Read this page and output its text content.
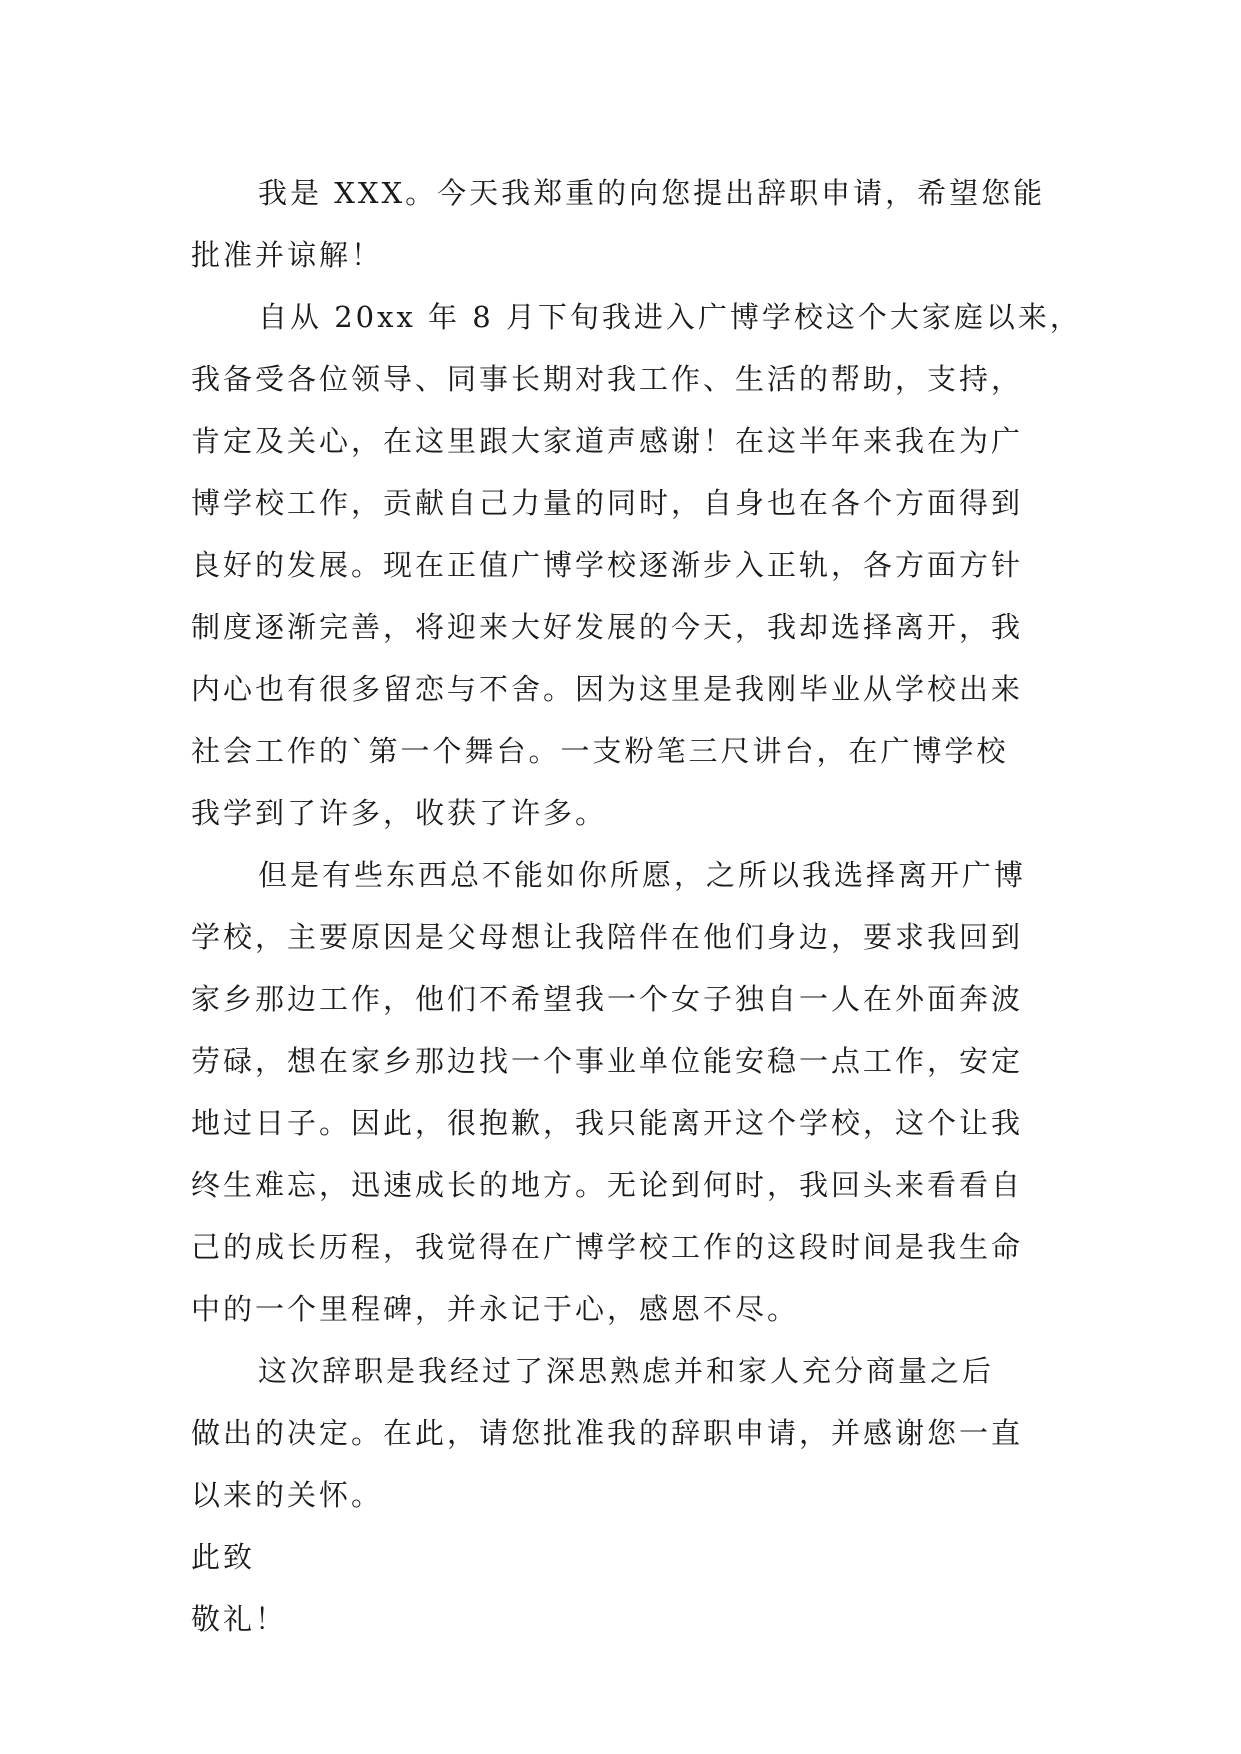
我是 XXX。今天我郑重的向您提出辞职申请，希望您能
批准并谅解！
自从 20xx 年 8 月下旬我进入广博学校这个大家庭以来，
我备受各位领导、同事长期对我工作、生活的帮助，支持，
肯定及关心，在这里跟大家道声感谢！在这半年来我在为广
博学校工作，贡献自己力量的同时，自身也在各个方面得到
良好的发展。现在正值广博学校逐渐步入正轨，各方面方针
制度逐渐完善，将迎来大好发展的今天，我却选择离开，我
内心也有很多留恋与不舍。因为这里是我刚毕业从学校出来
社会工作的`第一个舞台。一支粉笔三尺讲台，在广博学校
我学到了许多，收获了许多。
但是有些东西总不能如你所愿，之所以我选择离开广博
学校，主要原因是父母想让我陪伴在他们身边，要求我回到
家乡那边工作，他们不希望我一个女子独自一人在外面奔波
劳碌，想在家乡那边找一个事业单位能安稳一点工作，安定
地过日子。因此，很抱歉，我只能离开这个学校，这个让我
终生难忘，迅速成长的地方。无论到何时，我回头来看看自
己的成长历程，我觉得在广博学校工作的这段时间是我生命
中的一个里程碑，并永记于心，感恩不尽。
这次辞职是我经过了深思熟虑并和家人充分商量之后
做出的决定。在此，请您批准我的辞职申请，并感谢您一直
以来的关怀。
此致
敬礼！
